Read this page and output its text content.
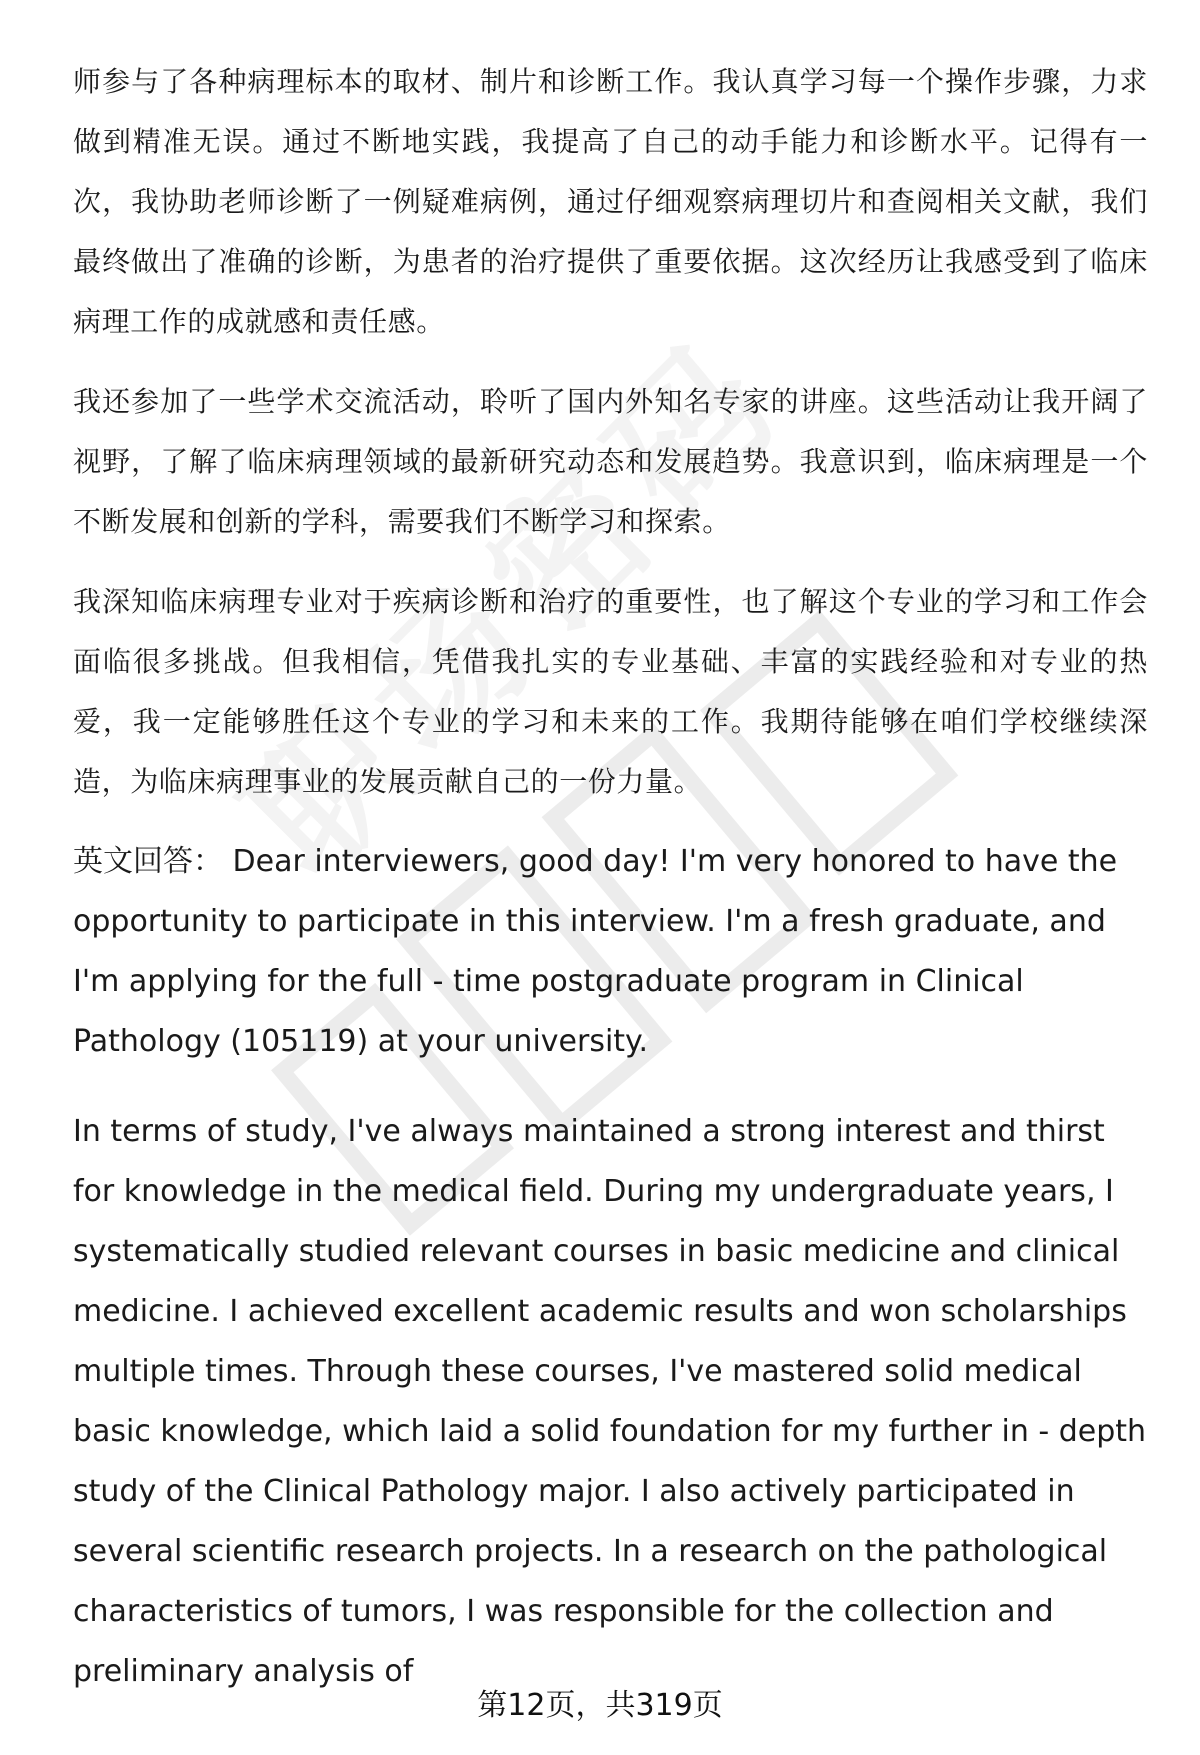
师参与了各种病理标本的取材、制片和诊断工作。我认真学习每一个操作步骤，力求做到精准无误。通过不断地实践，我提高了自己的动手能力和诊断水平。记得有一次，我协助老师诊断了一例疑难病例，通过仔细观察病理切片和查阅相关文献，我们最终做出了准确的诊断，为患者的治疗提供了重要依据。这次经历让我感受到了临床病理工作的成就感和责任感。

我还参加了一些学术交流活动，聆听了国内外知名专家的讲座。这些活动让我开阔了视野，了解了临床病理领域的最新研究动态和发展趋势。我意识到，临床病理是一个不断发展和创新的学科，需要我们不断学习和探索。

我深知临床病理专业对于疾病诊断和治疗的重要性，也了解这个专业的学习和工作会面临很多挑战。但我相信，凭借我扎实的专业基础、丰富的实践经验和对专业的热爱，我一定能够胜任这个专业的学习和未来的工作。我期待能够在咱们学校继续深造，为临床病理事业的发展贡献自己的一份力量。

英文回答： Dear interviewers, good day! I'm very honored to have the opportunity to participate in this interview. I'm a fresh graduate, and I'm applying for the full - time postgraduate program in Clinical Pathology (105119) at your university.

In terms of study, I've always maintained a strong interest and thirst for knowledge in the medical field. During my undergraduate years, I systematically studied relevant courses in basic medicine and clinical medicine. I achieved excellent academic results and won scholarships multiple times. Through these courses, I've mastered solid medical basic knowledge, which laid a solid foundation for my further in - depth study of the Clinical Pathology major. I also actively participated in several scientific research projects. In a research on the pathological characteristics of tumors, I was responsible for the collection and preliminary analysis of

第12页，共319页
